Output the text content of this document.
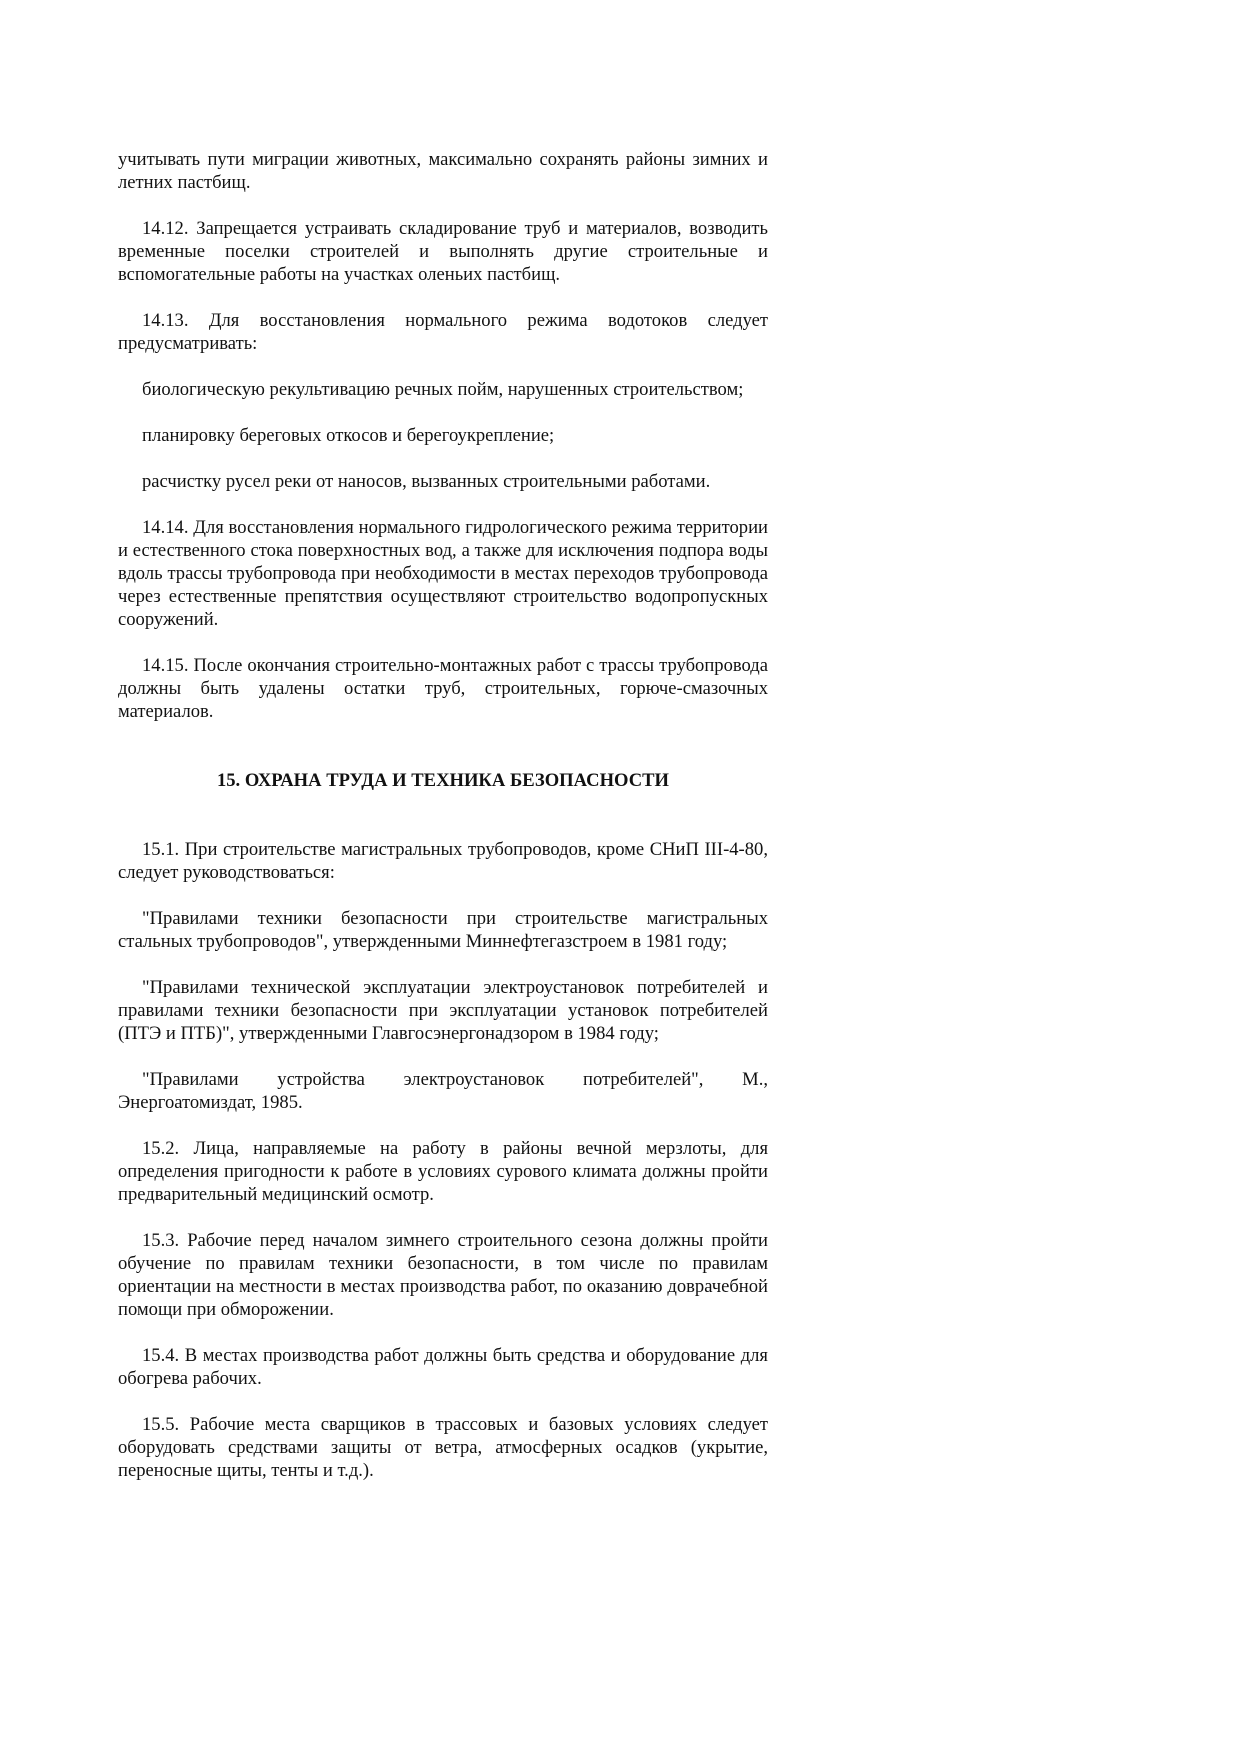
учитывать пути миграции животных, максимально сохранять районы зимних и летних пастбищ.

14.12. Запрещается устраивать складирование труб и материалов, возводить временные поселки строителей и выполнять другие строительные и вспомогательные работы на участках оленьих пастбищ.

14.13. Для восстановления нормального режима водотоков следует предусматривать:

биологическую рекультивацию речных пойм, нарушенных строительством;

планировку береговых откосов и берегоукрепление;

расчистку русел реки от наносов, вызванных строительными работами.

14.14. Для восстановления нормального гидрологического режима территории и естественного стока поверхностных вод, а также для исключения подпора воды вдоль трассы трубопровода при необходимости в местах переходов трубопровода через естественные препятствия осуществляют строительство водопропускных сооружений.

14.15. После окончания строительно-монтажных работ с трассы трубопровода должны быть удалены остатки труб, строительных, горюче-смазочных материалов.

15. ОХРАНА ТРУДА И ТЕХНИКА БЕЗОПАСНОСТИ

15.1. При строительстве магистральных трубопроводов, кроме СНиП III-4-80, следует руководствоваться:

"Правилами техники безопасности при строительстве магистральных стальных трубопроводов", утвержденными Миннефтегазстроем в 1981 году;

"Правилами технической эксплуатации электроустановок потребителей и правилами техники безопасности при эксплуатации установок потребителей (ПТЭ и ПТБ)", утвержденными Главгосэнергонадзором в 1984 году;

"Правилами устройства электроустановок потребителей", М., Энергоатомиздат, 1985.

15.2. Лица, направляемые на работу в районы вечной мерзлоты, для определения пригодности к работе в условиях сурового климата должны пройти предварительный медицинский осмотр.

15.3. Рабочие перед началом зимнего строительного сезона должны пройти обучение по правилам техники безопасности, в том числе по правилам ориентации на местности в местах производства работ, по оказанию доврачебной помощи при обморожении.

15.4. В местах производства работ должны быть средства и оборудование для обогрева рабочих.

15.5. Рабочие места сварщиков в трассовых и базовых условиях следует оборудовать средствами защиты от ветра, атмосферных осадков (укрытие, переносные щиты, тенты и т.д.).
